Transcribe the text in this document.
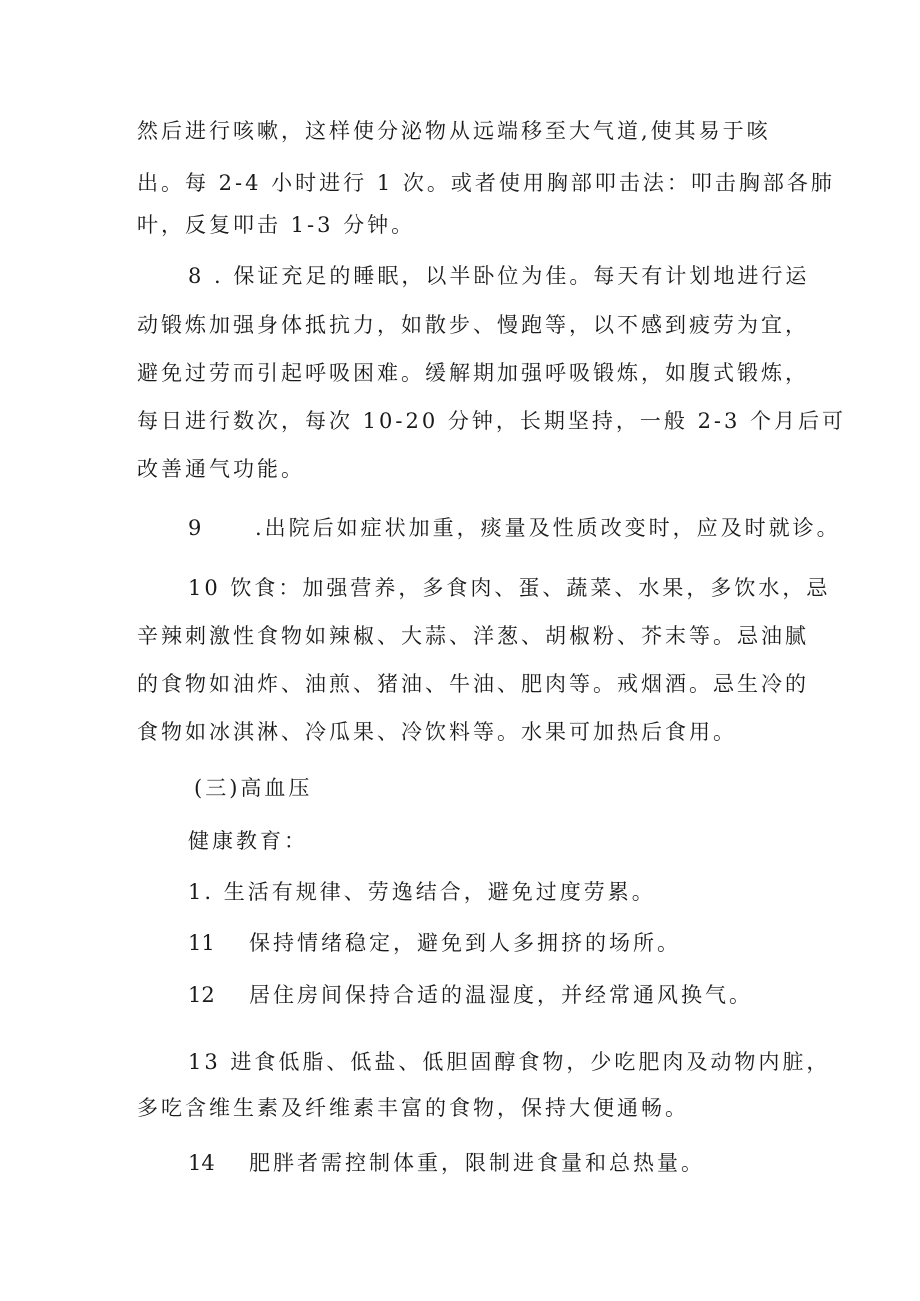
然后进行咳嗽，这样使分泌物从远端移至大气道,使其易于咳
出。每 2-4 小时进行 1 次。或者使用胸部叩击法：叩击胸部各肺
叶，反复叩击 1-3 分钟。
8 . 保证充足的睡眠，以半卧位为佳。每天有计划地进行运
动锻炼加强身体抵抗力，如散步、慢跑等，以不感到疲劳为宜，
避免过劳而引起呼吸困难。缓解期加强呼吸锻炼，如腹式锻炼，
每日进行数次，每次 10-20 分钟，长期坚持，一般 2-3 个月后可
改善通气功能。
9	.出院后如症状加重，痰量及性质改变时，应及时就诊。
10 饮食：加强营养，多食肉、蛋、蔬菜、水果，多饮水，忌
辛辣刺激性食物如辣椒、大蒜、洋葱、胡椒粉、芥末等。忌油腻
的食物如油炸、油煎、猪油、牛油、肥肉等。戒烟酒。忌生冷的
食物如冰淇淋、冷瓜果、冷饮料等。水果可加热后食用。
(三)高血压
健康教育：
1. 生活有规律、劳逸结合，避免过度劳累。
11 保持情绪稳定，避免到人多拥挤的场所。
12 居住房间保持合适的温湿度，并经常通风换气。
13 进食低脂、低盐、低胆固醇食物，少吃肥肉及动物内脏，
多吃含维生素及纤维素丰富的食物，保持大便通畅。
14 肥胖者需控制体重，限制进食量和总热量。
